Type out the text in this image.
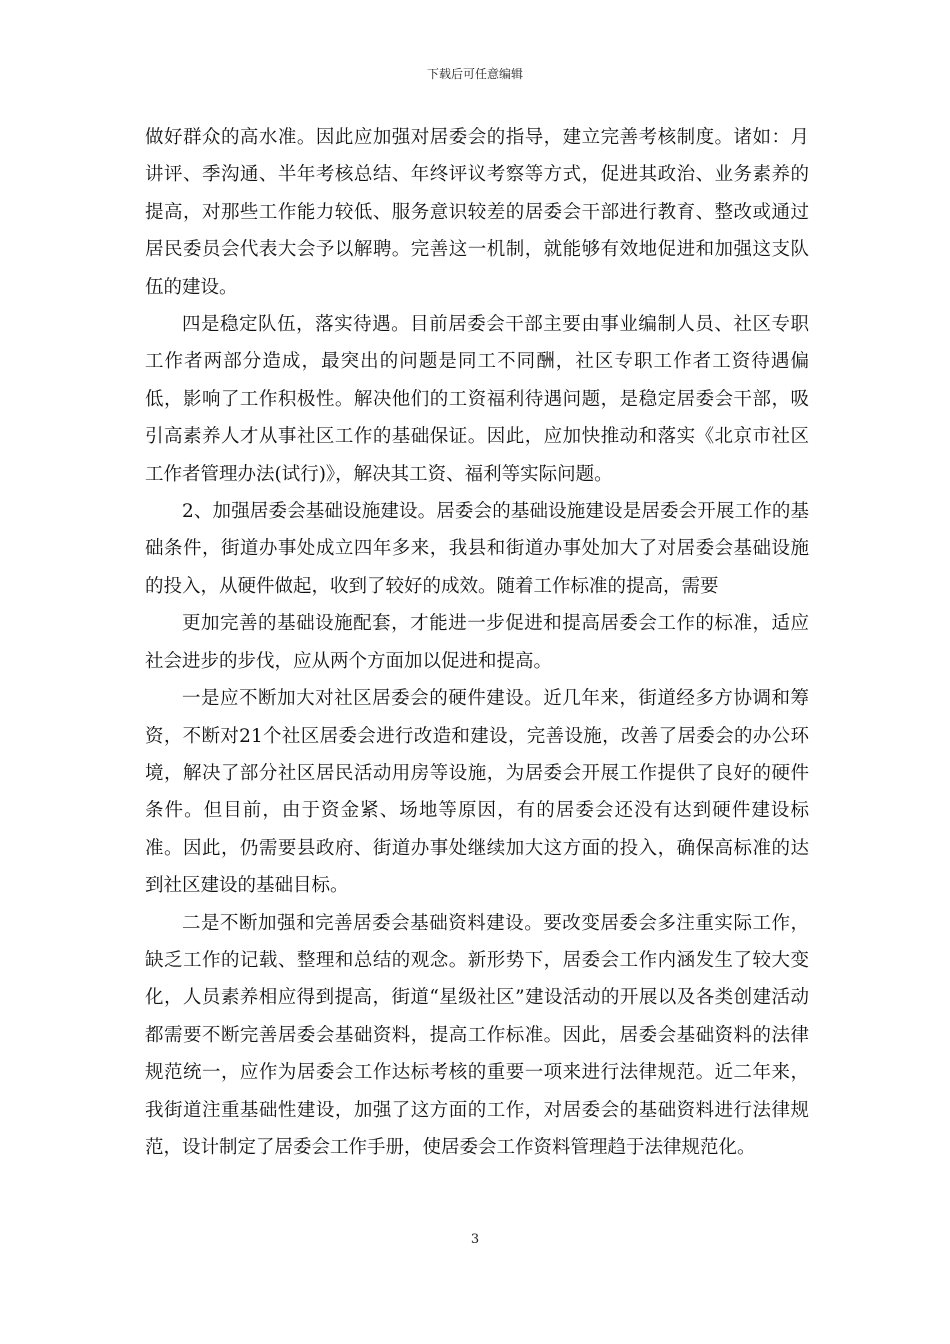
下载后可任意编辑

做好群众的高水准。因此应加强对居委会的指导，建立完善考核制度。诸如：月讲评、季沟通、半年考核总结、年终评议考察等方式，促进其政治、业务素养的提高，对那些工作能力较低、服务意识较差的居委会干部进行教育、整改或通过居民委员会代表大会予以解聘。完善这一机制，就能够有效地促进和加强这支队伍的建设。

四是稳定队伍，落实待遇。目前居委会干部主要由事业编制人员、社区专职工作者两部分造成，最突出的问题是同工不同酬，社区专职工作者工资待遇偏低，影响了工作积极性。解决他们的工资福利待遇问题，是稳定居委会干部，吸引高素养人才从事社区工作的基础保证。因此，应加快推动和落实《北京市社区工作者管理办法(试行)》，解决其工资、福利等实际问题。

2、加强居委会基础设施建设。居委会的基础设施建设是居委会开展工作的基础条件，街道办事处成立四年多来，我县和街道办事处加大了对居委会基础设施的投入，从硬件做起，收到了较好的成效。随着工作标准的提高，需要

更加完善的基础设施配套，才能进一步促进和提高居委会工作的标准，适应社会进步的步伐，应从两个方面加以促进和提高。

一是应不断加大对社区居委会的硬件建设。近几年来，街道经多方协调和筹资，不断对21个社区居委会进行改造和建设，完善设施，改善了居委会的办公环境，解决了部分社区居民活动用房等设施，为居委会开展工作提供了良好的硬件条件。但目前，由于资金紧、场地等原因，有的居委会还没有达到硬件建设标准。因此，仍需要县政府、街道办事处继续加大这方面的投入，确保高标准的达到社区建设的基础目标。

二是不断加强和完善居委会基础资料建设。要改变居委会多注重实际工作，缺乏工作的记载、整理和总结的观念。新形势下，居委会工作内涵发生了较大变化，人员素养相应得到提高，街道“星级社区”建设活动的开展以及各类创建活动都需要不断完善居委会基础资料，提高工作标准。因此，居委会基础资料的法律规范统一，应作为居委会工作达标考核的重要一项来进行法律规范。近二年来，我街道注重基础性建设，加强了这方面的工作，对居委会的基础资料进行法律规范，设计制定了居委会工作手册，使居委会工作资料管理趋于法律规范化。

3
